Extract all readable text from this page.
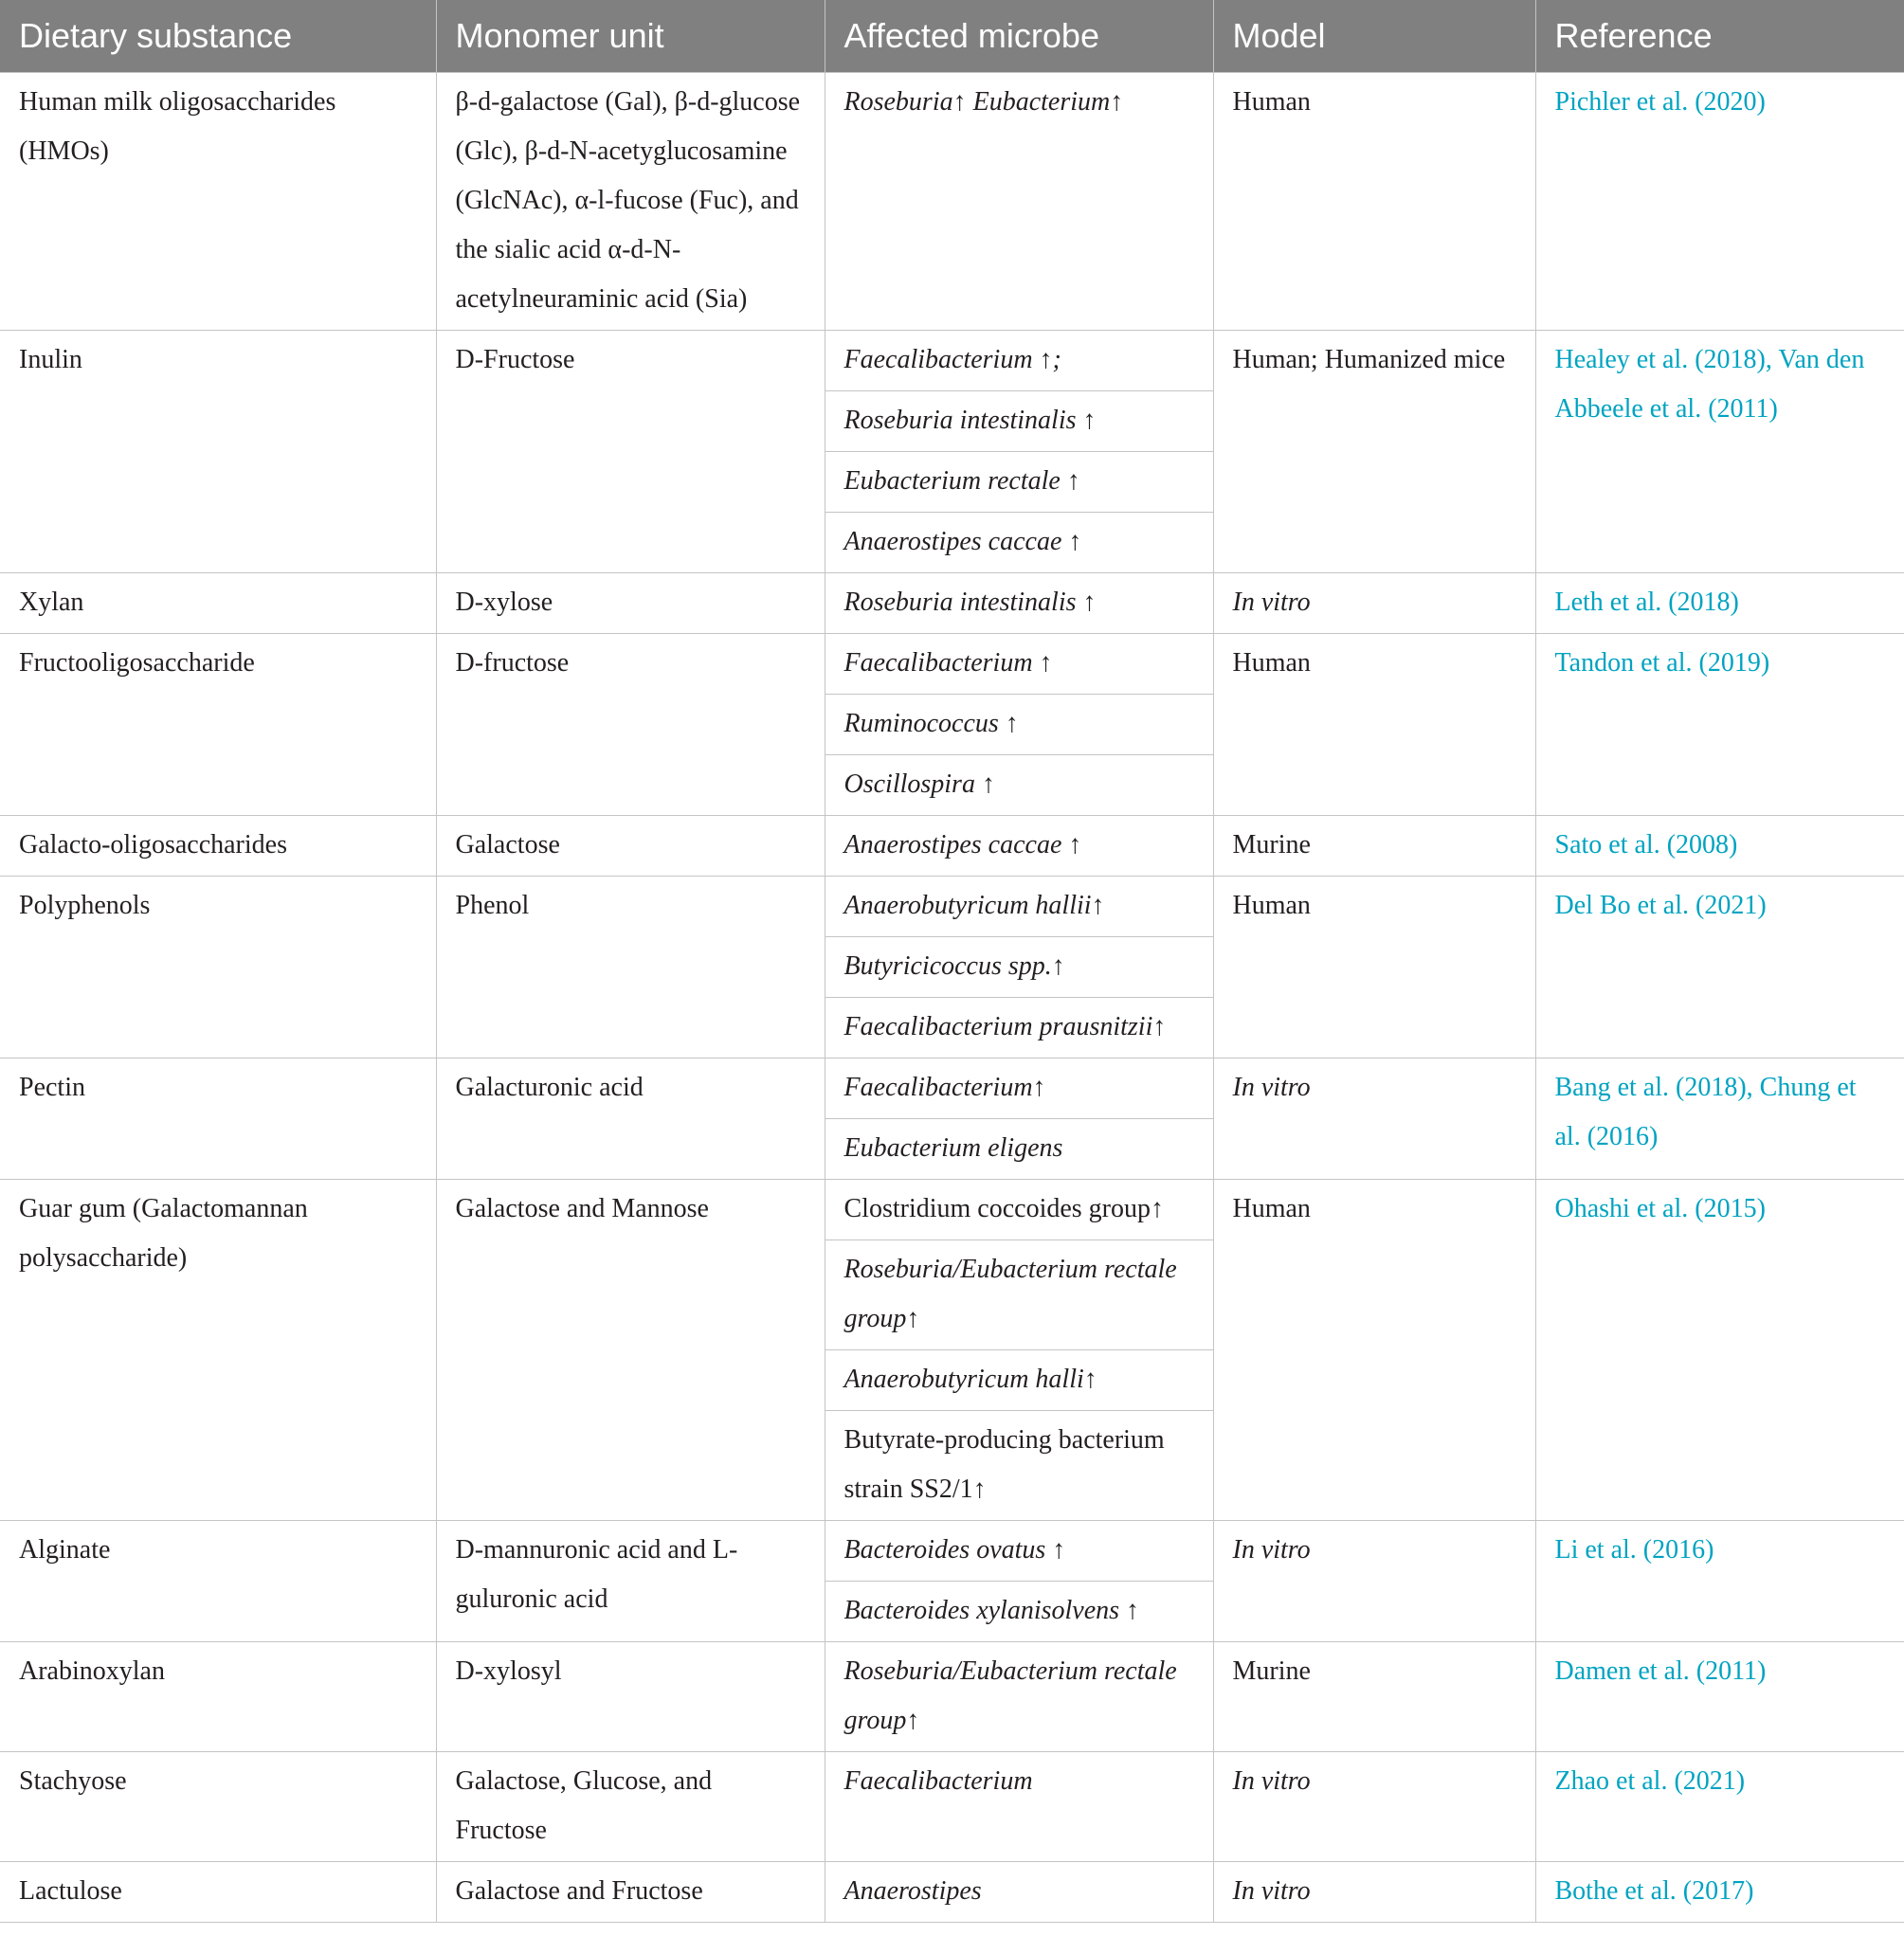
Dietary substance	Monomer unit	Affected microbe	Model	Reference
Human milk oligosaccharides (HMOs)	β-d-galactose (Gal), β-d-glucose (Glc), β-d-N-acetyglucosamine (GlcNAc), α-l-fucose (Fuc), and the sialic acid α-d-N-acetylneuraminic acid (Sia)	Roseburia↑ Eubacterium↑	Human	Pichler et al. (2020)
Inulin	D-Fructose	Faecalibacterium ↑;	Human; Humanized mice	Healey et al. (2018), Van den Abbeele et al. (2011)
		Roseburia intestinalis ↑		
		Eubacterium rectale ↑		
		Anaerostipes caccae ↑		
Xylan	D-xylose	Roseburia intestinalis ↑	In vitro	Leth et al. (2018)
Fructooligosaccharide	D-fructose	Faecalibacterium ↑	Human	Tandon et al. (2019)
		Ruminococcus ↑		
		Oscillospira ↑		
Galacto-oligosaccharides	Galactose	Anaerostipes caccae ↑	Murine	Sato et al. (2008)
Polyphenols	Phenol	Anaerobutyricum hallii↑	Human	Del Bo et al. (2021)
		Butyricicoccus spp.↑		
		Faecalibacterium prausnitzii↑		
Pectin	Galacturonic acid	Faecalibacterium↑	In vitro	Bang et al. (2018), Chung et al. (2016)
		Eubacterium eligens		
Guar gum (Galactomannan polysaccharide)	Galactose and Mannose	Clostridium coccoides group↑	Human	Ohashi et al. (2015)
		Roseburia/Eubacterium rectale group↑		
		Anaerobutyricum halli↑		
		Butyrate-producing bacterium strain SS2/1↑		
Alginate	D-mannuronic acid and L-guluronic acid	Bacteroides ovatus ↑	In vitro	Li et al. (2016)
		Bacteroides xylanisolvens ↑		
Arabinoxylan	D-xylosyl	Roseburia/Eubacterium rectale group↑	Murine	Damen et al. (2011)
Stachyose	Galactose, Glucose, and Fructose	Faecalibacterium	In vitro	Zhao et al. (2021)
Lactulose	Galactose and Fructose	Anaerostipes	In vitro	Bothe et al. (2017)
